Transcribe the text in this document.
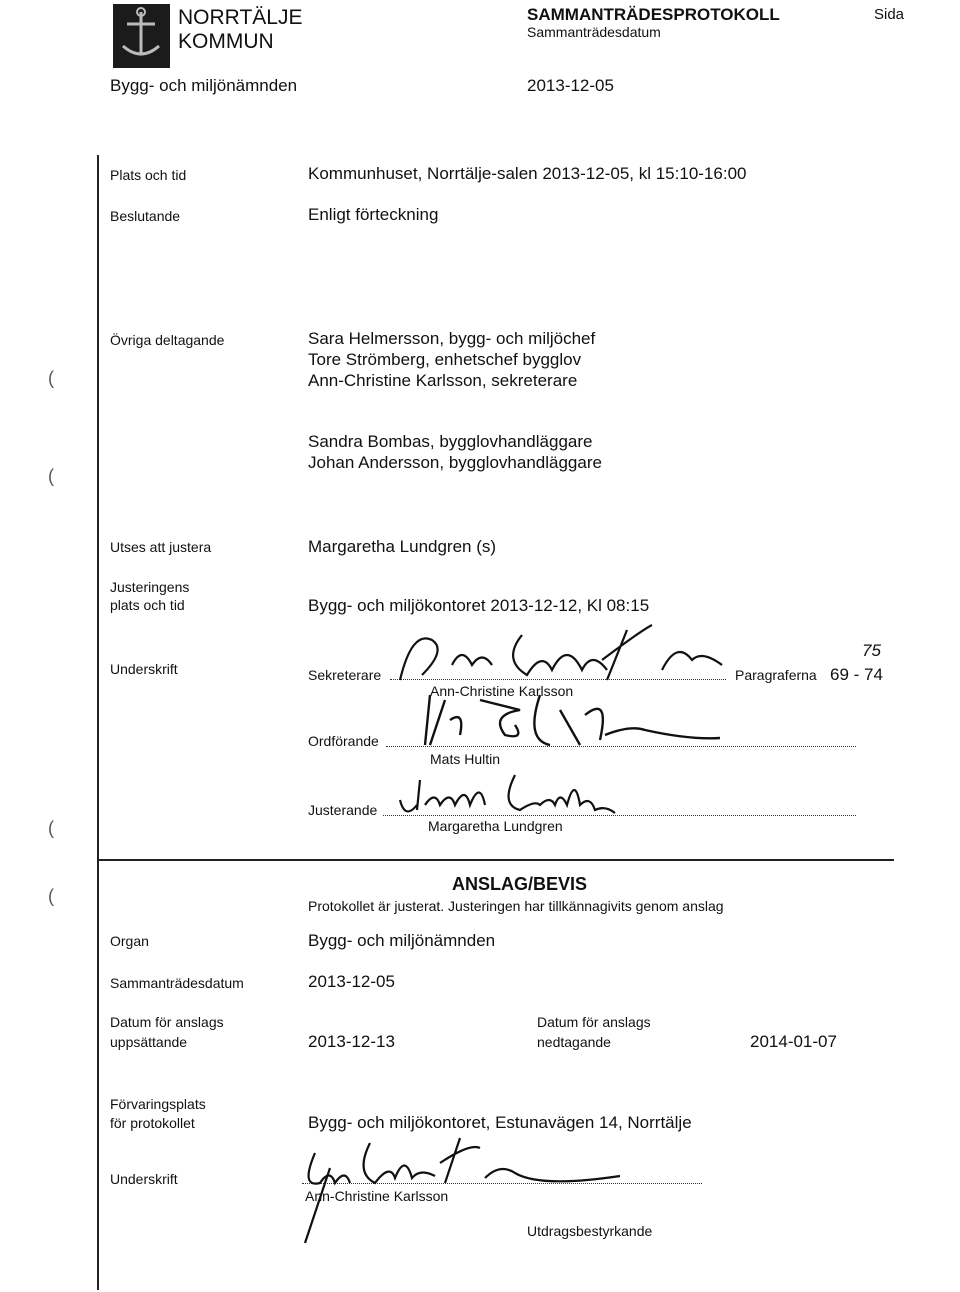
NORRTÄLJE
KOMMUN
SAMMANTRÄDESPROTOKOLL
Sammanträdesdatum
Sida
Bygg- och miljönämnden	2013-12-05
Plats och tid	Kommunhuset, Norrtälje-salen 2013-12-05, kl 15:10-16:00
Beslutande	Enligt förteckning
Övriga deltagande	Sara Helmersson, bygg- och miljöchef
Tore Strömberg, enhetschef bygglov
Ann-Christine Karlsson, sekreterare
Sandra Bombas, bygglovhandläggare
Johan Andersson, bygglovhandläggare
Utses att justera	Margaretha Lundgren (s)
Justeringens
plats och tid	Bygg- och miljökontoret 2013-12-12, Kl 08:15
Underskrift	Sekreterare
Ann-Christine Karlsson
Paragraferna 69 - 74
75
Ordförande
Mats Hultin
Justerande
Margaretha Lundgren
ANSLAG/BEVIS
Protokollet är justerat. Justeringen har tillkännagivits genom anslag
Organ	Bygg- och miljönämnden
Sammanträdesdatum	2013-12-05
Datum för anslags
uppsättande	2013-12-13
Datum för anslags
nedtagande	2014-01-07
Förvaringsplats
för protokollet	Bygg- och miljökontoret, Estunavägen 14, Norrtälje
Underskrift
Ann-Christine Karlsson
Utdragsbestyrkande
(
(
(
(
